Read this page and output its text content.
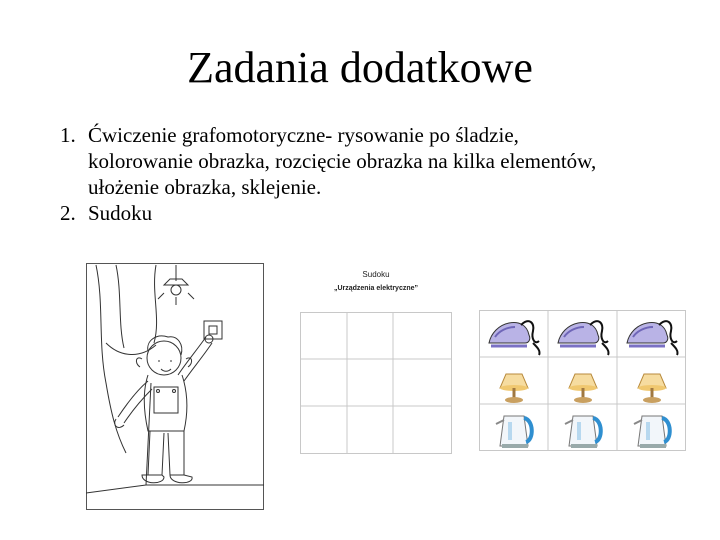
Zadania dodatkowe
1. Ćwiczenie grafomotoryczne- rysowanie po śladzie, kolorowanie obrazka, rozcięcie obrazka na kilka elementów, ułożenie obrazka, sklejenie.
2. Sudoku
Sudoku
„Urządzenia elektryczne”
